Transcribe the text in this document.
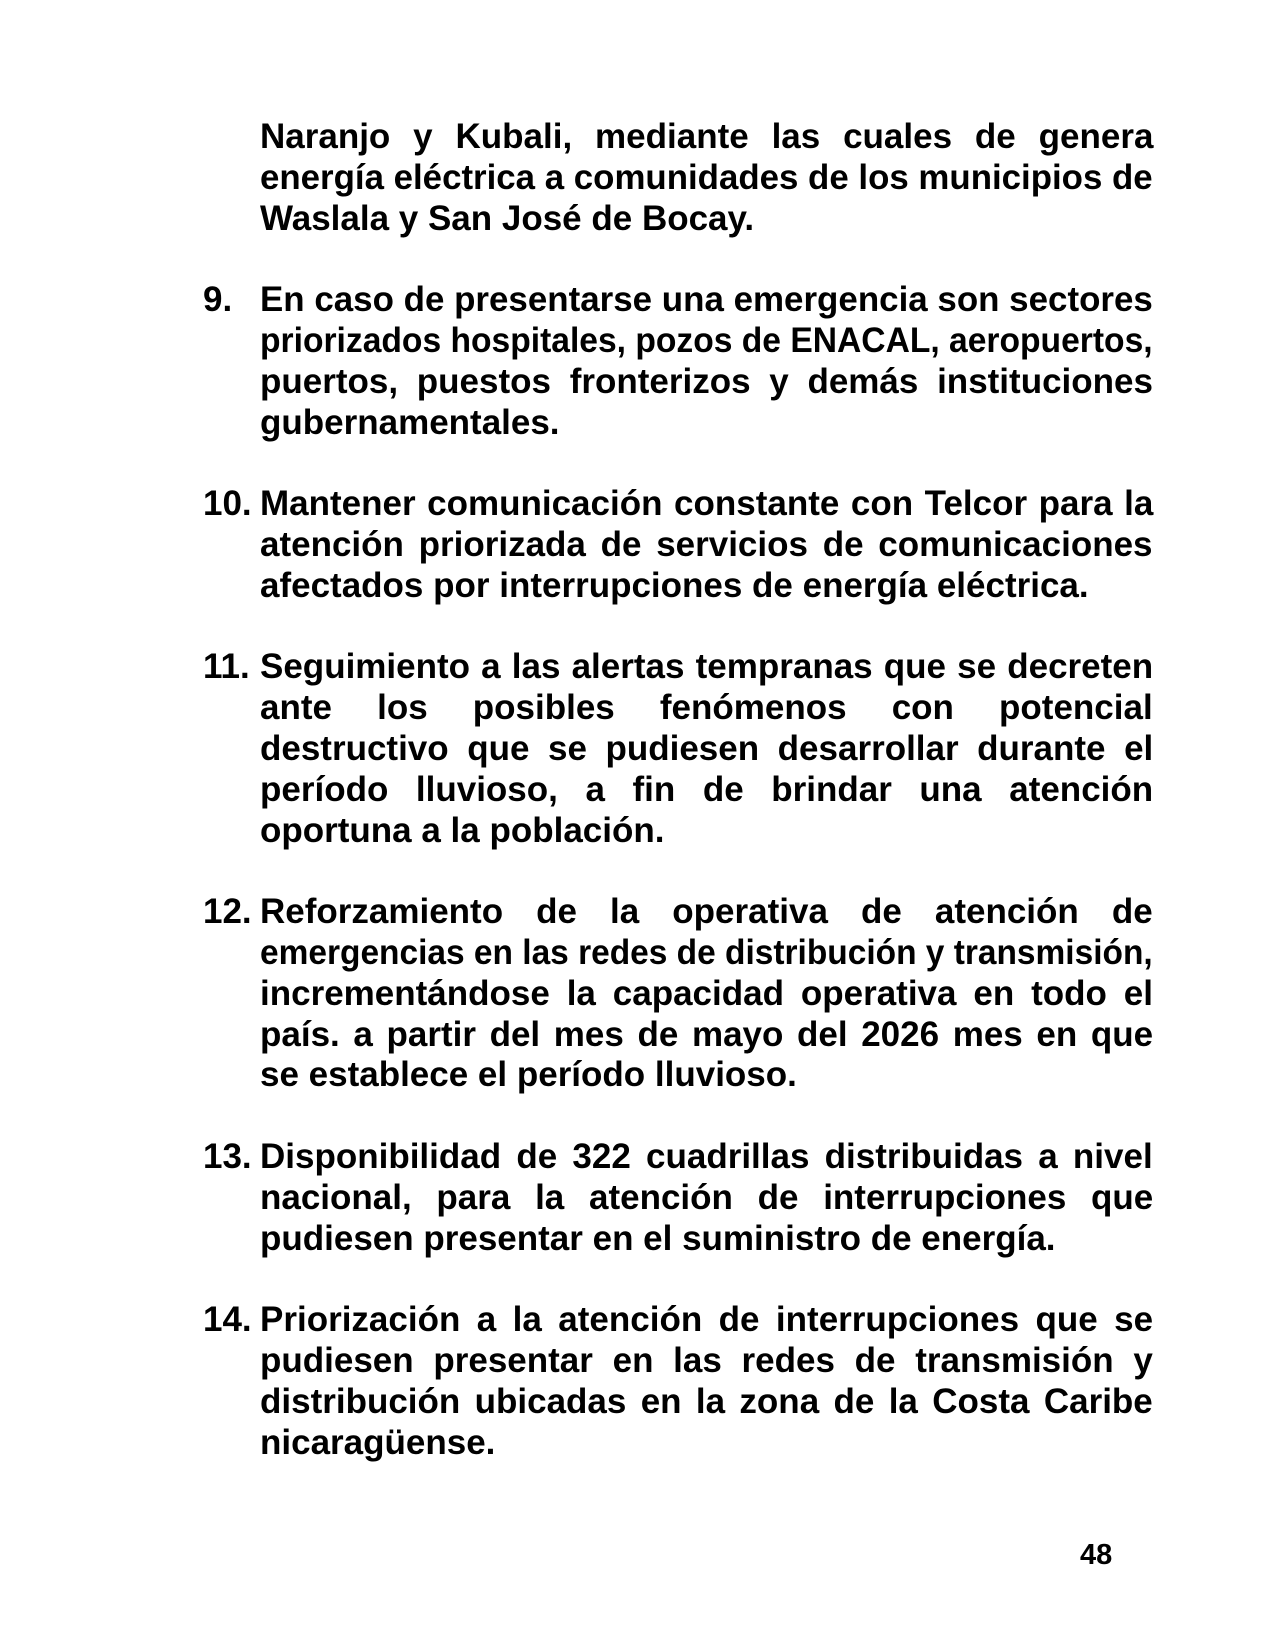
Naranjo y Kubali, mediante las cuales de genera
energía eléctrica a comunidades de los municipios de
Waslala y San José de Bocay.
9. En caso de presentarse una emergencia son sectores
priorizados hospitales, pozos de ENACAL, aeropuertos,
puertos, puestos fronterizos y demás instituciones
gubernamentales.
10. Mantener comunicación constante con Telcor para la
atención priorizada de servicios de comunicaciones
afectados por interrupciones de energía eléctrica.
11. Seguimiento a las alertas tempranas que se decreten
ante los posibles fenómenos con potencial
destructivo que se pudiesen desarrollar durante el
período lluvioso, a fin de brindar una atención
oportuna a la población.
12. Reforzamiento de la operativa de atención de
emergencias en las redes de distribución y transmisión,
incrementándose la capacidad operativa en todo el
país. a partir del mes de mayo del 2026 mes en que
se establece el período lluvioso.
13. Disponibilidad de 322 cuadrillas distribuidas a nivel
nacional, para la atención de interrupciones que
pudiesen presentar en el suministro de energía.
14. Priorización a la atención de interrupciones que se
pudiesen presentar en las redes de transmisión y
distribución ubicadas en la zona de la Costa Caribe
nicaragüense.
48
